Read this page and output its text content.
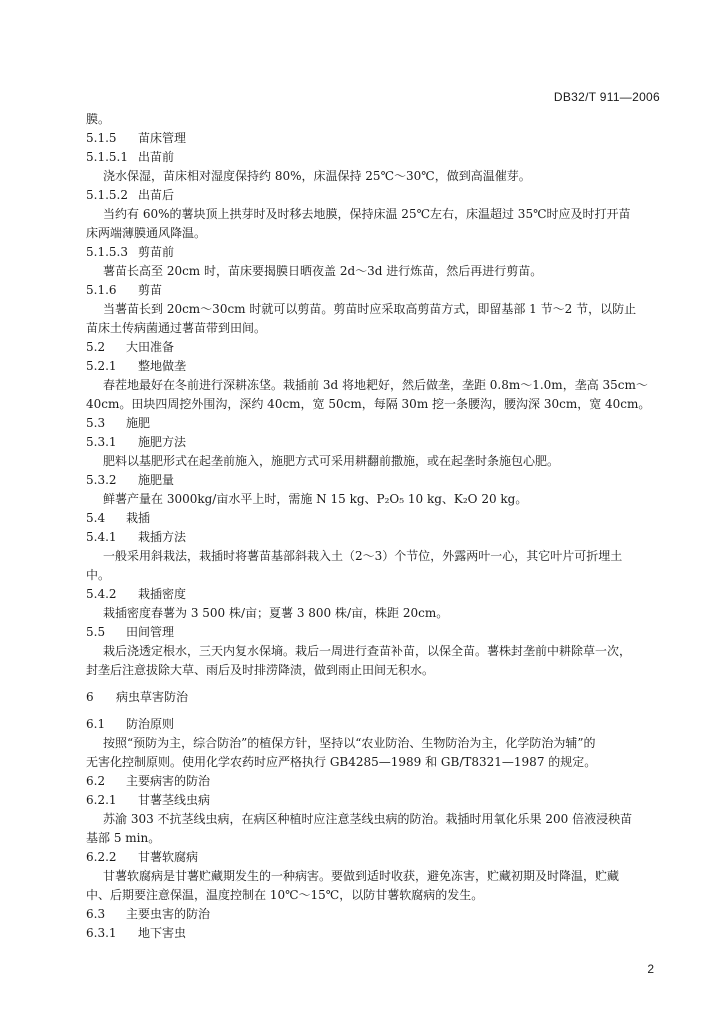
DB32/T 911—2006
膜。
5.1.5 苗床管理
5.1.5.1 出苗前
浇水保湿，苗床相对湿度保持约 80%，床温保持 25℃～30℃，做到高温催芽。
5.1.5.2 出苗后
当约有 60%的薯块顶上拱芽时及时移去地膜，保持床温 25℃左右，床温超过 35℃时应及时打开苗
床两端薄膜通风降温。
5.1.5.3 剪苗前
薯苗长高至 20cm 时，苗床要揭膜日晒夜盖 2d～3d 进行炼苗，然后再进行剪苗。
5.1.6 剪苗
当薯苗长到 20cm～30cm 时就可以剪苗。剪苗时应采取高剪苗方式，即留基部 1 节～2 节，以防止
苗床土传病菌通过薯苗带到田间。
5.2 大田准备
5.2.1 整地做垄
春茬地最好在冬前进行深耕冻垡。栽插前 3d 将地耙好，然后做垄，垄距 0.8m～1.0m，垄高 35cm～
40cm。田块四周挖外围沟，深约 40cm，宽 50cm，每隔 30m 挖一条腰沟，腰沟深 30cm，宽 40cm。
5.3 施肥
5.3.1 施肥方法
肥料以基肥形式在起垄前施入，施肥方式可采用耕翻前撒施，或在起垄时条施包心肥。
5.3.2 施肥量
鲜薯产量在 3000kg/亩水平上时，需施 N 15 kg、P₂O₅ 10 kg、K₂O 20 kg。
5.4 栽插
5.4.1 栽插方法
一般采用斜栽法，栽插时将薯苗基部斜栽入土（2～3）个节位，外露两叶一心，其它叶片可折埋土
中。
5.4.2 栽插密度
栽插密度春薯为 3 500 株/亩；夏薯 3 800 株/亩，株距 20cm。
5.5 田间管理
栽后浇透定根水，三天内复水保墒。栽后一周进行查苗补苗，以保全苗。薯株封垄前中耕除草一次，
封垄后注意拔除大草、雨后及时排涝降渍，做到雨止田间无积水。
6 病虫草害防治
6.1 防治原则
按照“预防为主，综合防治”的植保方针，坚持以“农业防治、生物防治为主，化学防治为辅”的
无害化控制原则。使用化学农药时应严格执行 GB4285—1989 和 GB/T8321—1987 的规定。
6.2 主要病害的防治
6.2.1 甘薯茎线虫病
苏渝 303 不抗茎线虫病，在病区种植时应注意茎线虫病的防治。栽插时用氧化乐果 200 倍液浸秧苗
基部 5 min。
6.2.2 甘薯软腐病
甘薯软腐病是甘薯贮藏期发生的一种病害。要做到适时收获，避免冻害，贮藏初期及时降温，贮藏
中、后期要注意保温，温度控制在 10℃～15℃，以防甘薯软腐病的发生。
6.3 主要虫害的防治
6.3.1 地下害虫
2
